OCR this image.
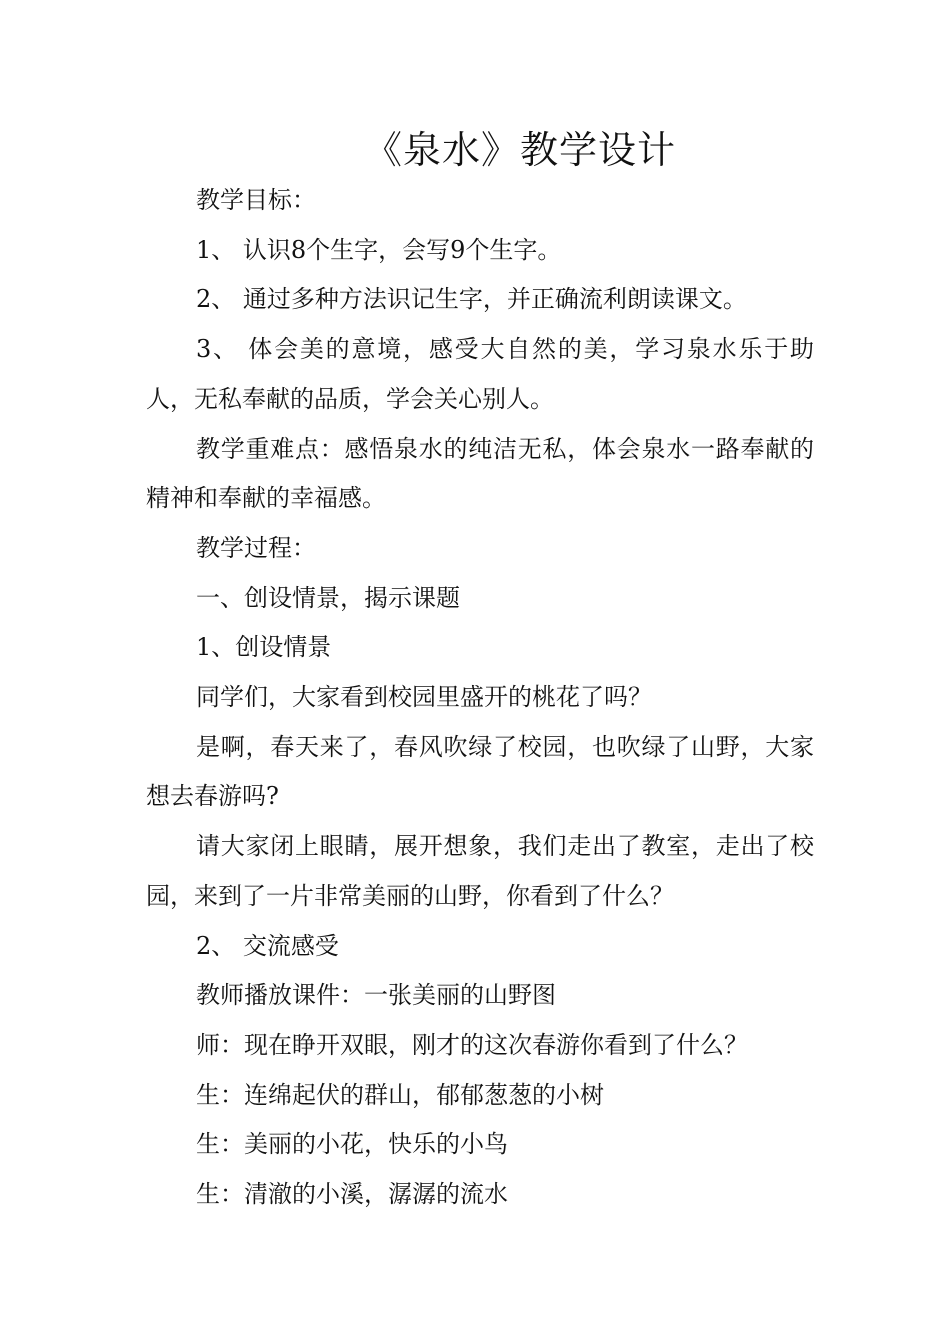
《泉水》教学设计

教学目标：

1、 认识8个生字，会写9个生字。

2、 通过多种方法识记生字，并正确流利朗读课文。

3、 体会美的意境，感受大自然的美，学习泉水乐于助人，无私奉献的品质，学会关心别人。

教学重难点：感悟泉水的纯洁无私，体会泉水一路奉献的精神和奉献的幸福感。

教学过程：

一、创设情景，揭示课题

1、创设情景

同学们，大家看到校园里盛开的桃花了吗？

是啊，春天来了，春风吹绿了校园，也吹绿了山野，大家想去春游吗?

请大家闭上眼睛，展开想象，我们走出了教室，走出了校园，来到了一片非常美丽的山野，你看到了什么？

2、 交流感受

教师播放课件：一张美丽的山野图

师：现在睁开双眼，刚才的这次春游你看到了什么？

生：连绵起伏的群山，郁郁葱葱的小树

生：美丽的小花，快乐的小鸟

生：清澈的小溪，潺潺的流水
